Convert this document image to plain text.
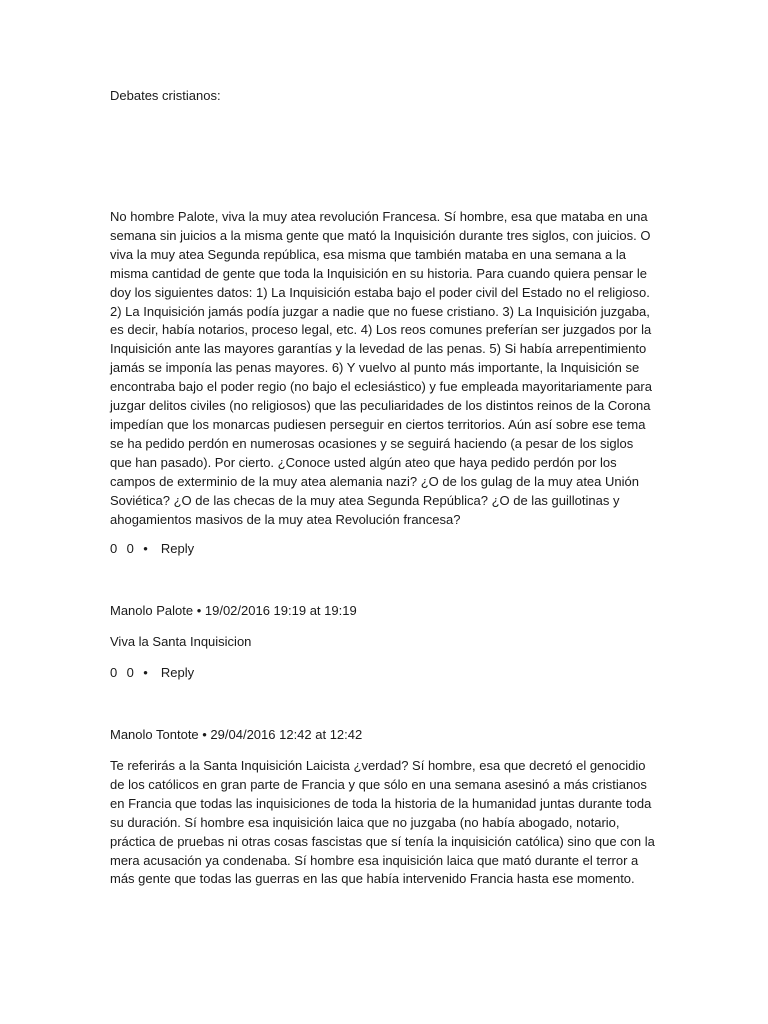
Debates cristianos:

No hombre Palote, viva la muy atea revolución Francesa. Sí hombre, esa que mataba en una semana sin juicios a la misma gente que mató la Inquisición durante tres siglos, con juicios. O viva la muy atea Segunda república, esa misma que también mataba en una semana a la misma cantidad de gente que toda la Inquisición en su historia. Para cuando quiera pensar le doy los siguientes datos: 1) La Inquisición estaba bajo el poder civil del Estado no el religioso. 2) La Inquisición jamás podía juzgar a nadie que no fuese cristiano. 3) La Inquisición juzgaba, es decir, había notarios, proceso legal, etc. 4) Los reos comunes preferían ser juzgados por la Inquisición ante las mayores garantías y la levedad de las penas. 5) Si había arrepentimiento jamás se imponía las penas mayores. 6) Y vuelvo al punto más importante, la Inquisición se encontraba bajo el poder regio (no bajo el eclesiástico) y fue empleada mayoritariamente para juzgar delitos civiles (no religiosos) que las peculiaridades de los distintos reinos de la Corona impedían que los monarcas pudiesen perseguir en ciertos territorios. Aún así sobre ese tema se ha pedido perdón en numerosas ocasiones y se seguirá haciendo (a pesar de los siglos que han pasado). Por cierto. ¿Conoce usted algún ateo que haya pedido perdón por los campos de exterminio de la muy atea alemania nazi? ¿O de los gulag de la muy atea Unión Soviética? ¿O de las checas de la muy atea Segunda República? ¿O de las guillotinas y ahogamientos masivos de la muy atea Revolución francesa?

0 0 • Reply
Manolo Palote • 19/02/2016 19:19 at 19:19
Viva la Santa Inquisicion
0 0 • Reply
Manolo Tontote • 29/04/2016 12:42 at 12:42

Te referirás a la Santa Inquisición Laicista ¿verdad? Sí hombre, esa que decretó el genocidio de los católicos en gran parte de Francia y que sólo en una semana asesinó a más cristianos en Francia que todas las inquisiciones de toda la historia de la humanidad juntas durante toda su duración. Sí hombre esa inquisición laica que no juzgaba (no había abogado, notario, práctica de pruebas ni otras cosas fascistas que sí tenía la inquisición católica) sino que con la mera acusación ya condenaba. Sí hombre esa inquisición laica que mató durante el terror a más gente que todas las guerras en las que había intervenido Francia hasta ese momento.
